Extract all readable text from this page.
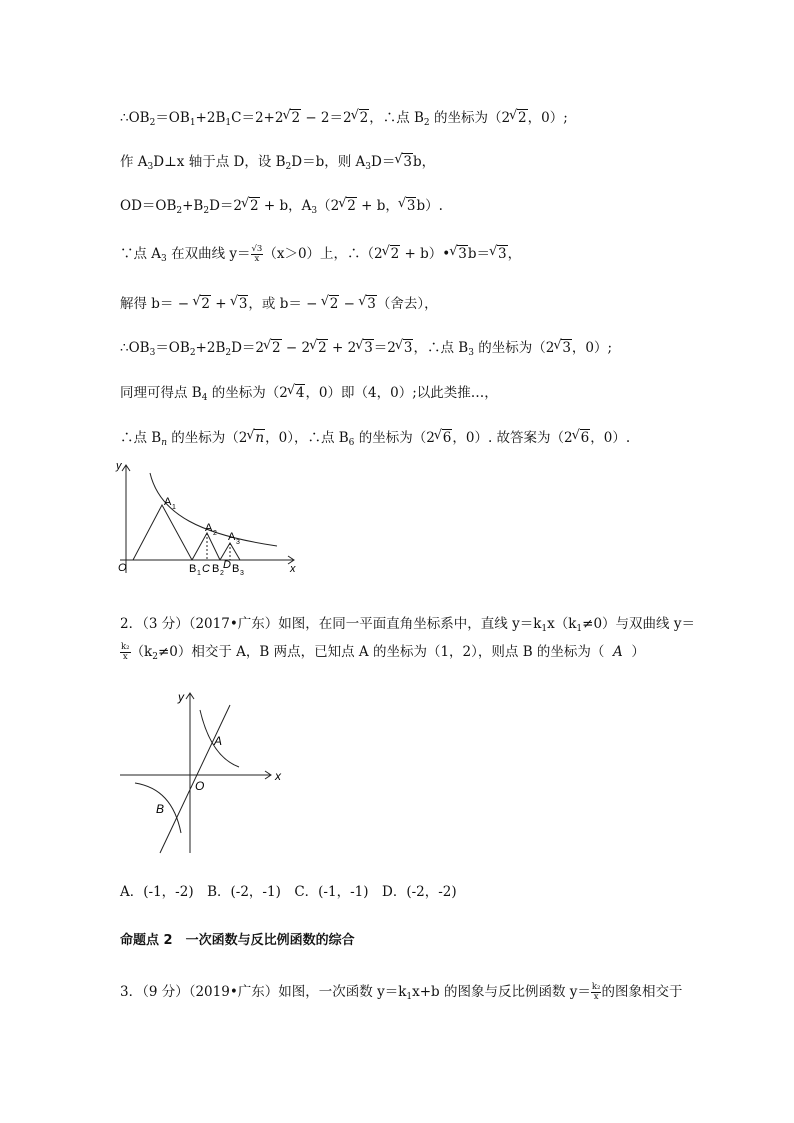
$\therefore OB_2=OB_1+2B_1C=2+2√$ 2 − 2＝2√ 2，∴点 $B_2$ 的坐标为（2√ 2，0）;
作 $A_3D\perp x$ 轴于点 D，设 $B_2D=b$，则 $A_3D=√$ 3b，
$OD=OB_2+B_2D=2√$ 2 + b，$A_3(2√$ 2 + b，√ 3b）.
∵点 $A_3$ 在双曲线 $y= \frac{√3}{x} (x>0)$上，∴（2√ 2 + b）•√ 3b＝√ 3，
解得 b＝ − √ 2 + √ 3，或 b＝ − √ 2 − √ 3（舍去），
$\therefore OB_3=OB_2+2B_2D=2√$ 2 − 2√ 2 + 2√ 3＝2√ 3，∴点 $B_3$ 的坐标为（2√ 3，0）;
同理可得点 $B_4$ 的坐标为（2√ 4，0）即（4，0）;以此类推…，
∴点 $B_n$ 的坐标为（2√ n，0），∴点 $B_6$ 的坐标为（2√ 6，0）. 故答案为（2√ 6，0）.
y
x
O
A 1
A 2 A 3
B 1 C B 2
D B 3
2．（3 分）（2017•广东）如图，在同一平面直角坐标系中，直线 $y=k_1x(k_1\ne 0)$与双曲线 y＝
$\frac{\text{k₂}}{x} (k_2\ne 0)$相交于 A，B 两点，已知点 A 的坐标为（1，2），则点 B 的坐标为（ A ）
y
x
O
A
B
A．(-1，-2)　B．(-2，-1)　C．(-1，-1)　D．(-2，-2)
命题点 2　一次函数与反比例函数的综合
3．（9 分）（2019•广东）如图，一次函数 $y=k_1x+b$ 的图象与反比例函数 $y= \frac{\text{k₂}}{x}$ 的图象相交于
